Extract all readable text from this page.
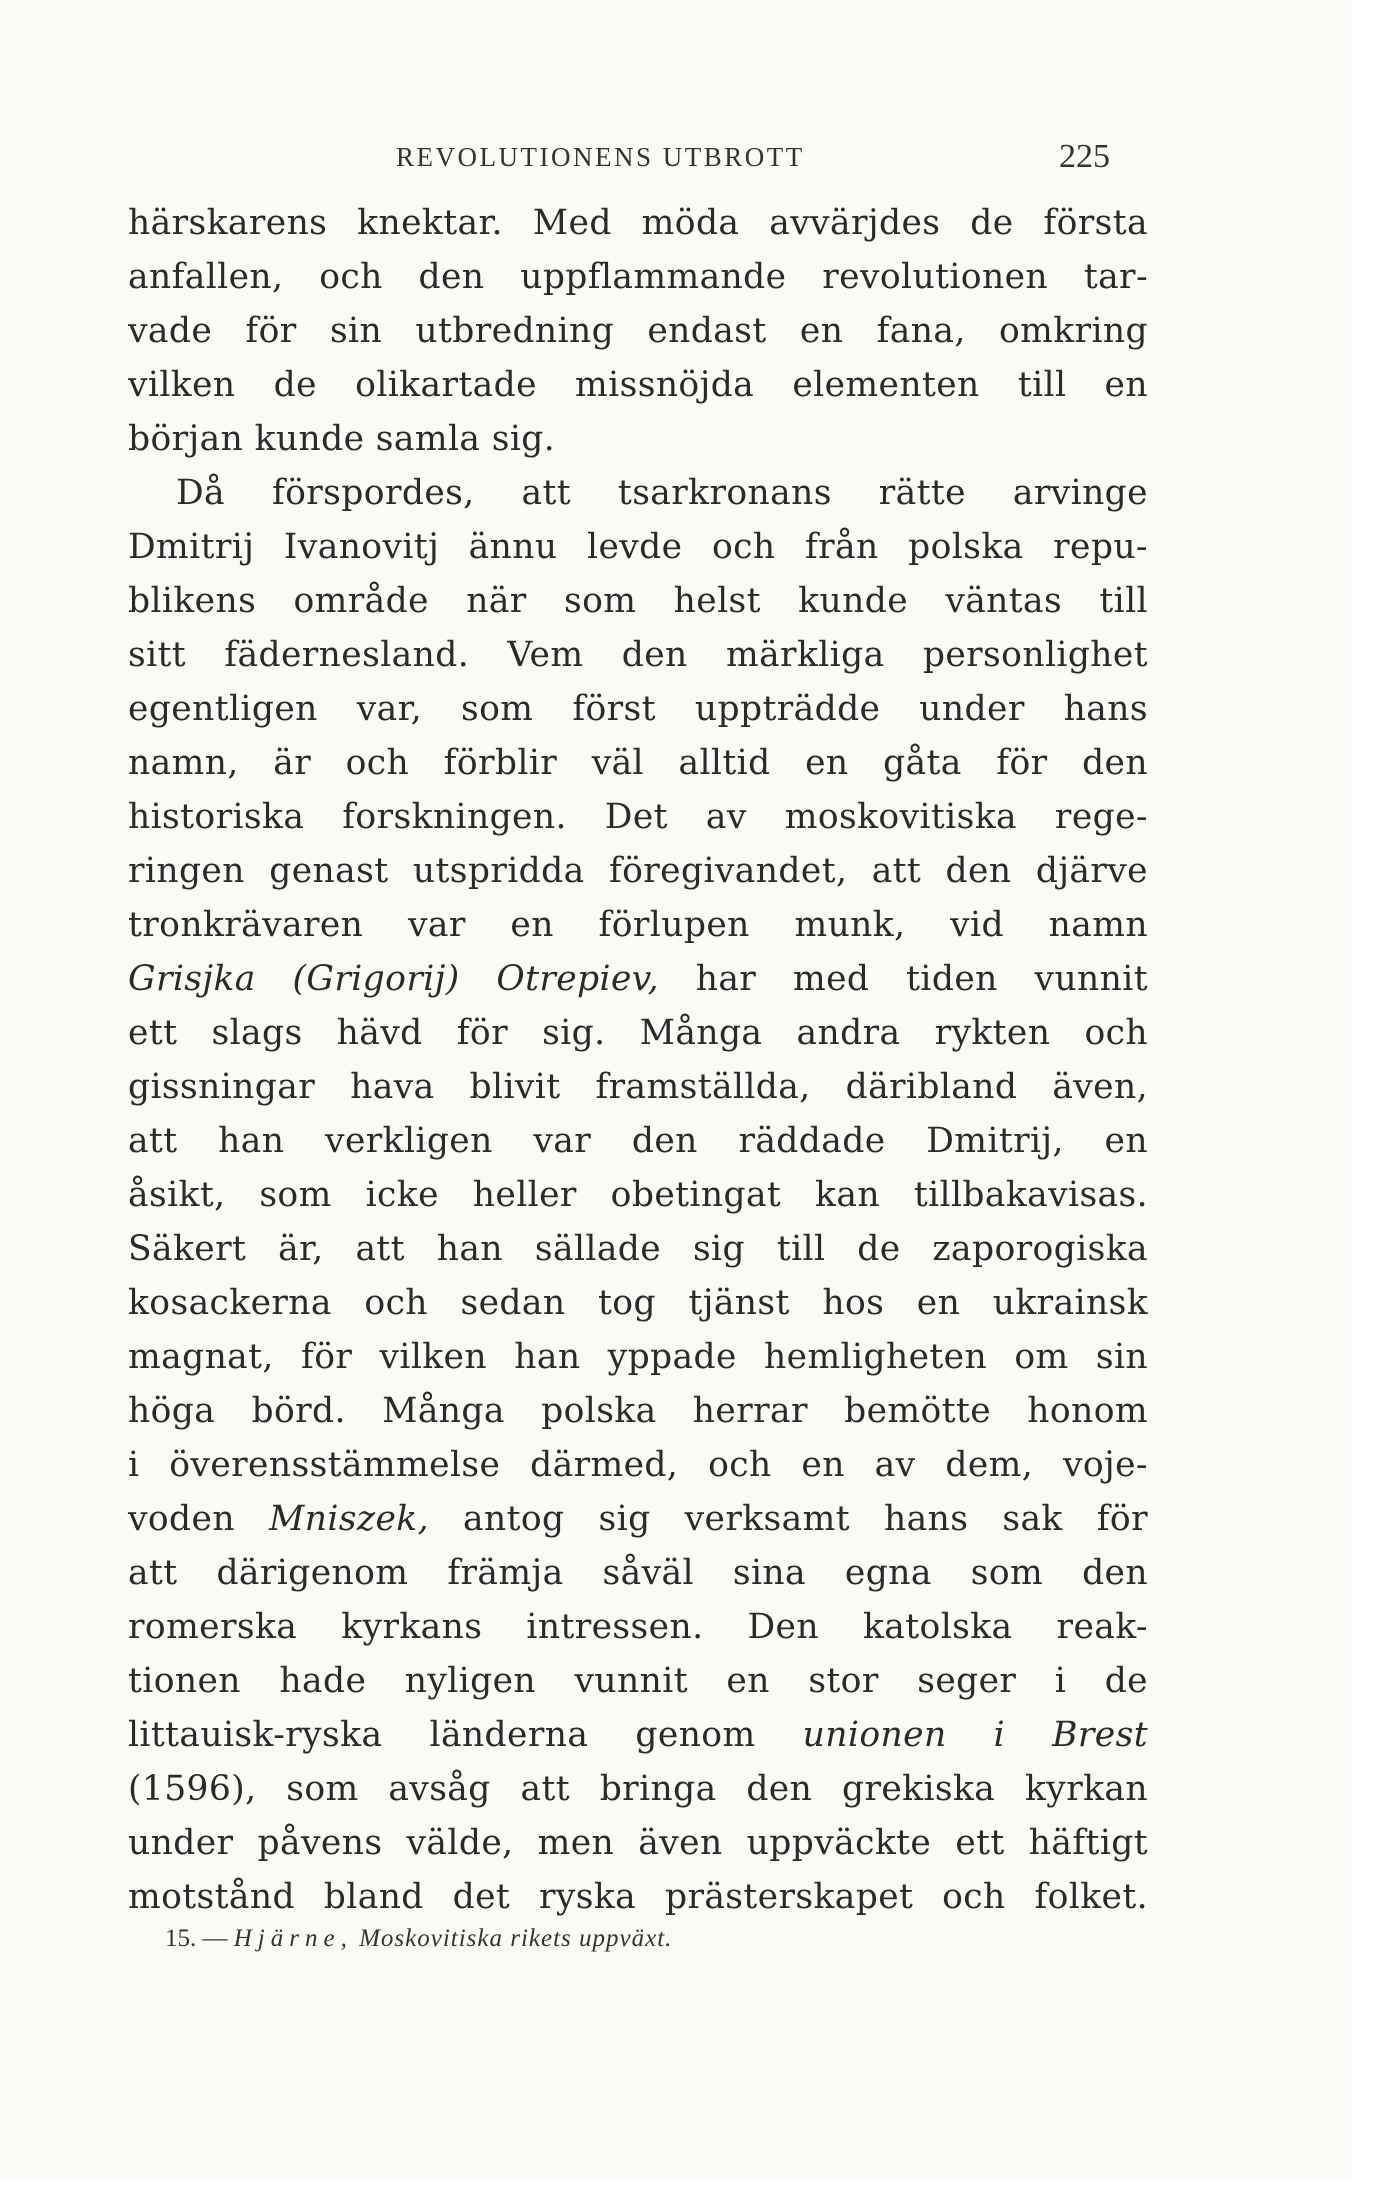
REVOLUTIONENS UTBROTT	225
härskarens knektar. Med möda avvärjdes de första
anfallen, och den uppflammande revolutionen tar-
vade för sin utbredning endast en fana, omkring
vilken de olikartade missnöjda elementen till en
början kunde samla sig.
Då förspordes, att tsarkronans rätte arvinge
Dmitrij Ivanovitj ännu levde och från polska repu-
blikens område när som helst kunde väntas till
sitt fädernesland. Vem den märkliga personlighet
egentligen var, som först uppträdde under hans
namn, är och förblir väl alltid en gåta för den
historiska forskningen. Det av moskovitiska rege-
ringen genast utspridda föregivandet, att den djärve
tronkrävaren var en förlupen munk, vid namn
Grisjka (Grigorij) Otrepiev, har med tiden vunnit
ett slags hävd för sig. Många andra rykten och
gissningar hava blivit framställda, däribland även,
att han verkligen var den räddade Dmitrij, en
åsikt, som icke heller obetingat kan tillbakavisas.
Säkert är, att han sällade sig till de zaporogiska
kosackerna och sedan tog tjänst hos en ukrainsk
magnat, för vilken han yppade hemligheten om sin
höga börd. Många polska herrar bemötte honom
i överensstämmelse därmed, och en av dem, voje-
voden Mniszek, antog sig verksamt hans sak för
att därigenom främja såväl sina egna som den
romerska kyrkans intressen. Den katolska reak-
tionen hade nyligen vunnit en stor seger i de
littauisk-ryska länderna genom unionen i Brest
(1596), som avsåg att bringa den grekiska kyrkan
under påvens välde, men även uppväckte ett häftigt
motstånd bland det ryska prästerskapet och folket.
15. — Hjärne, Moskovitiska rikets uppväxt.
